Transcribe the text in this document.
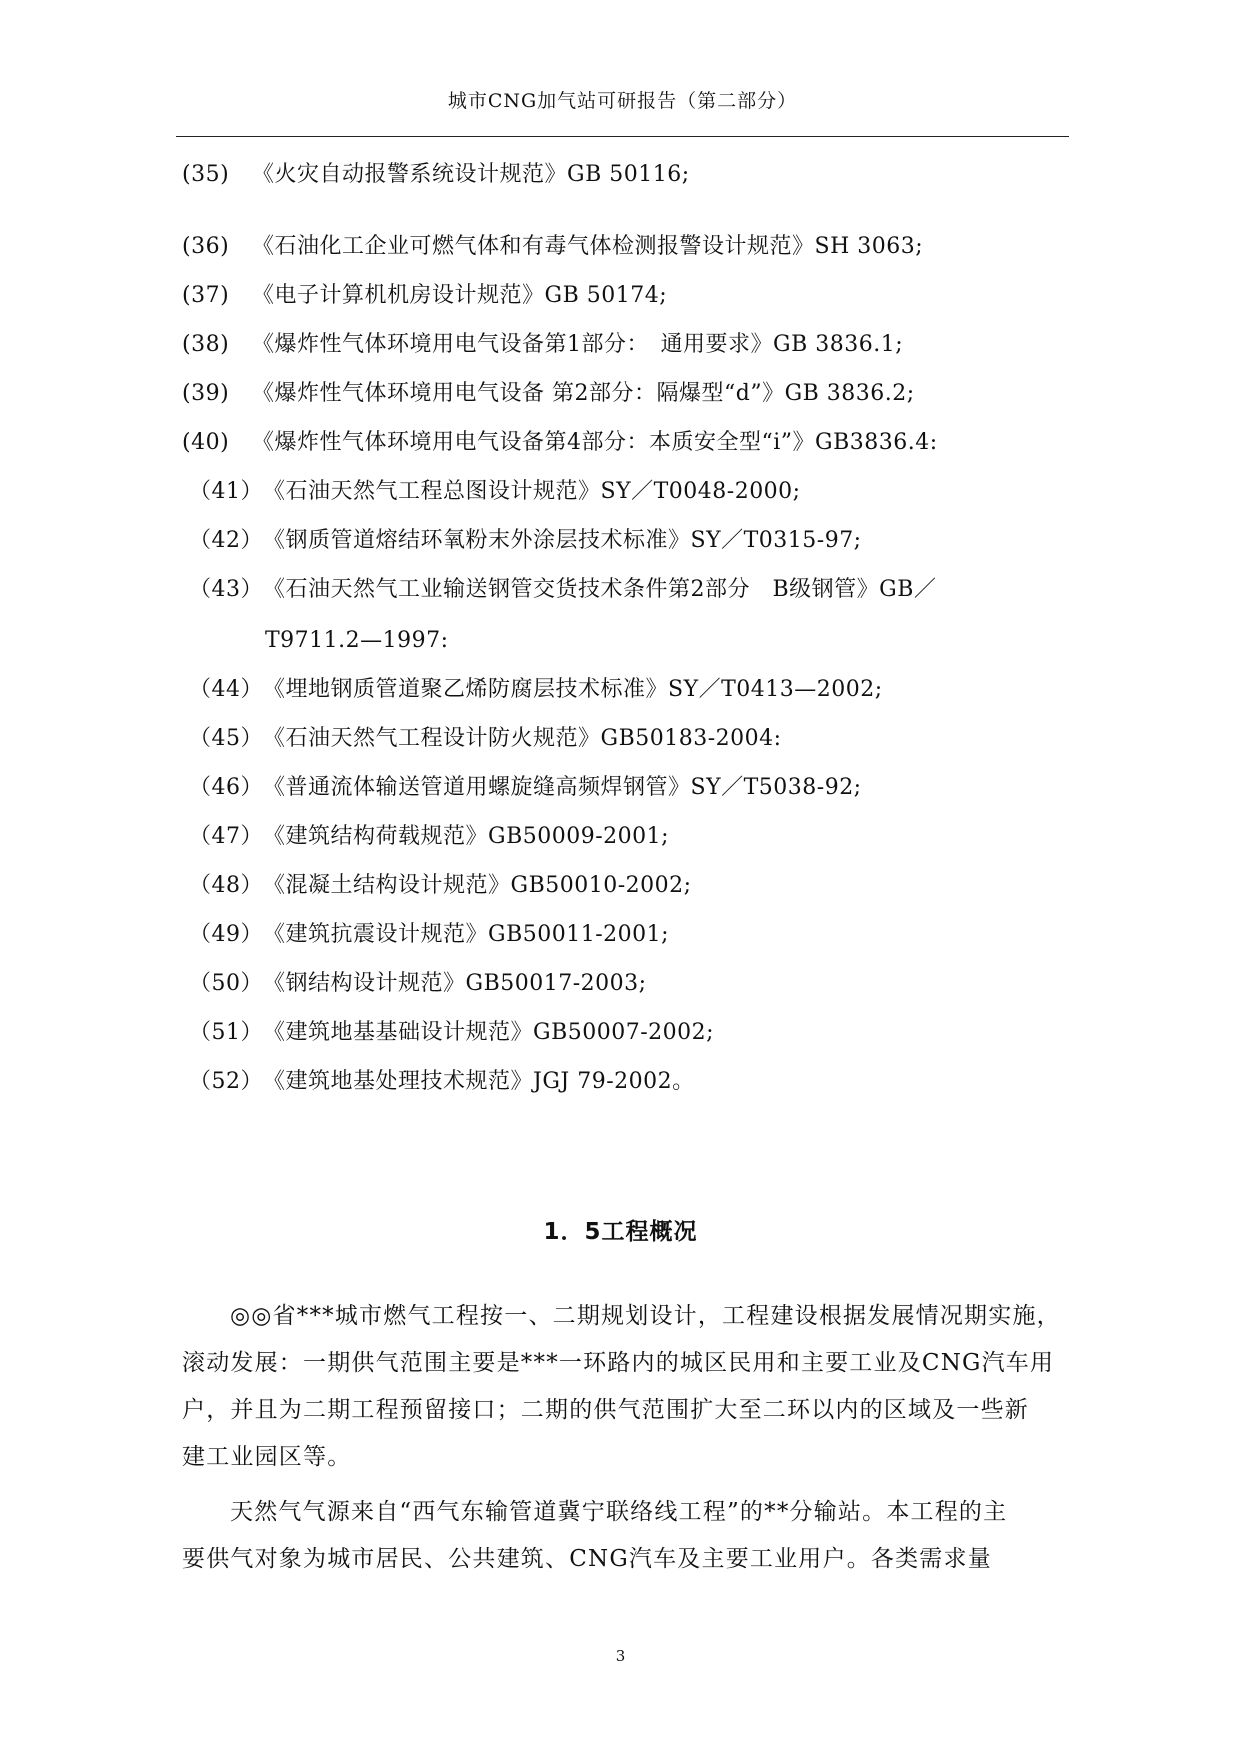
城市CNG加气站可研报告（第二部分）
(35) 《火灾自动报警系统设计规范》GB 50116;
(36) 《石油化工企业可燃气体和有毒气体检测报警设计规范》SH 3063;
(37) 《电子计算机机房设计规范》GB 50174;
(38) 《爆炸性气体环境用电气设备第1部分：　通用要求》GB 3836.1;
(39) 《爆炸性气体环境用电气设备 第2部分：隔爆型“d”》GB 3836.2;
(40) 《爆炸性气体环境用电气设备第4部分：本质安全型“i”》GB3836.4:
（41）《石油天然气工程总图设计规范》SY／T0048-2000;
（42）《钢质管道熔结环氧粉末外涂层技术标准》SY／T0315-97;
（43）《石油天然气工业输送钢管交货技术条件第2部分　B级钢管》GB／
T9711.2—1997:
（44）《埋地钢质管道聚乙烯防腐层技术标准》SY／T0413—2002;
（45）《石油天然气工程设计防火规范》GB50183-2004:
（46）《普通流体输送管道用螺旋缝高频焊钢管》SY／T5038-92;
（47）《建筑结构荷载规范》GB50009-2001;
（48）《混凝土结构设计规范》GB50010-2002;
（49）《建筑抗震设计规范》GB50011-2001;
（50）《钢结构设计规范》GB50017-2003;
（51）《建筑地基基础设计规范》GB50007-2002;
（52）《建筑地基处理技术规范》JGJ 79-2002。
1．5工程概况
◎◎省***城市燃气工程按一、二期规划设计，工程建设根据发展情况期实施，
滚动发展：一期供气范围主要是***一环路内的城区民用和主要工业及CNG汽车用
户，并且为二期工程预留接口；二期的供气范围扩大至二环以内的区域及一些新
建工业园区等。
天然气气源来自“西气东输管道冀宁联络线工程”的**分输站。本工程的主
要供气对象为城市居民、公共建筑、CNG汽车及主要工业用户。各类需求量
3
